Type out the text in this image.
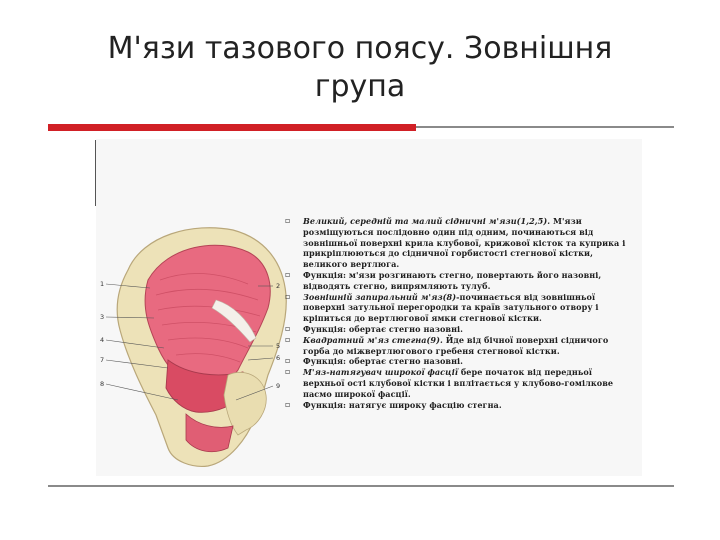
М'язи тазового поясу. Зовнішня
група
1	2
3
4
5
6
7
8	9
▫ Великий, середній та малий сідничні м'язи(1,2,5). М'язи розміщуються послідовно один під одним, починаються від зовнішньої поверхні крила клубової, крижової кісток та куприка і прикріплюються до сідничної горбистості стегнової кістки, великого вертлюга.
▫ Функція: м'язи розгинають стегно, повертають його назовні, відводять стегно, випрямляють тулуб.
▫ Зовнішній запиральний м'яз(8)-починається від зовнішньої поверхні затульної перегородки та країв затульного отвору і кріпиться до вертлюгової ямки стегнової кістки.
▫ Функція: обертає стегно назовні.
▫ Квадратний м'яз стегна(9). Йде від бічної поверхні сідничого горба до міжвертлюгового гребеня стегнової кістки.
▫ Функція: обертає стегно назовні.
▫ М'яз-натягувач широкої фасції бере початок від передньої верхньої ості клубової кістки і вплітається у клубово-гомілкове пасмо широкої фасції.
▫ Функція: натягує широку фасцію стегна.
